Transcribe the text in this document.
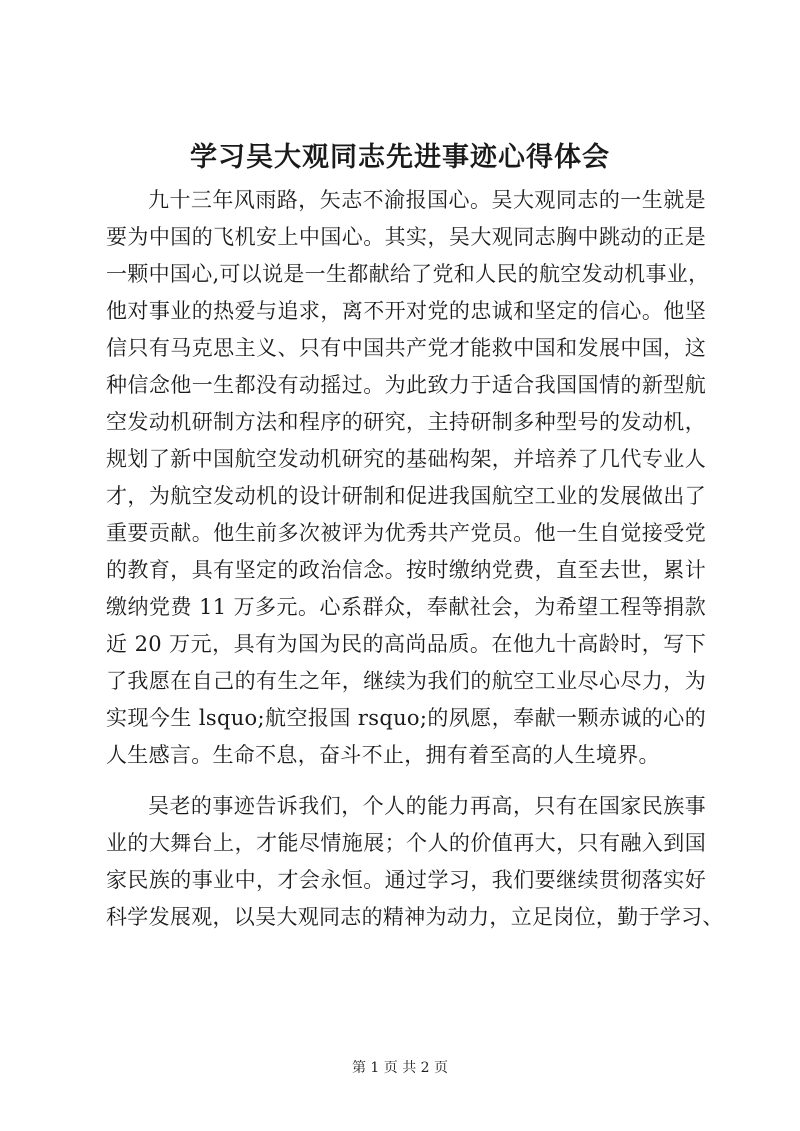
学习吴大观同志先进事迹心得体会
九十三年风雨路，矢志不渝报国心。吴大观同志的一生就是
要为中国的飞机安上中国心。其实，吴大观同志胸中跳动的正是
一颗中国心,可以说是一生都献给了党和人民的航空发动机事业，
他对事业的热爱与追求，离不开对党的忠诚和坚定的信心。他坚
信只有马克思主义、只有中国共产党才能救中国和发展中国，这
种信念他一生都没有动摇过。为此致力于适合我国国情的新型航
空发动机研制方法和程序的研究，主持研制多种型号的发动机，
规划了新中国航空发动机研究的基础构架，并培养了几代专业人
才，为航空发动机的设计研制和促进我国航空工业的发展做出了
重要贡献。他生前多次被评为优秀共产党员。他一生自觉接受党
的教育，具有坚定的政治信念。按时缴纳党费，直至去世，累计
缴纳党费 11 万多元。心系群众，奉献社会，为希望工程等捐款
近 20 万元，具有为国为民的高尚品质。在他九十高龄时，写下
了我愿在自己的有生之年，继续为我们的航空工业尽心尽力，为
实现今生 lsquo;航空报国 rsquo;的夙愿，奉献一颗赤诚的心的
人生感言。生命不息，奋斗不止，拥有着至高的人生境界。
吴老的事迹告诉我们，个人的能力再高，只有在国家民族事
业的大舞台上，才能尽情施展；个人的价值再大，只有融入到国
家民族的事业中，才会永恒。通过学习，我们要继续贯彻落实好
科学发展观，以吴大观同志的精神为动力，立足岗位，勤于学习、
第 1 页 共 2 页
